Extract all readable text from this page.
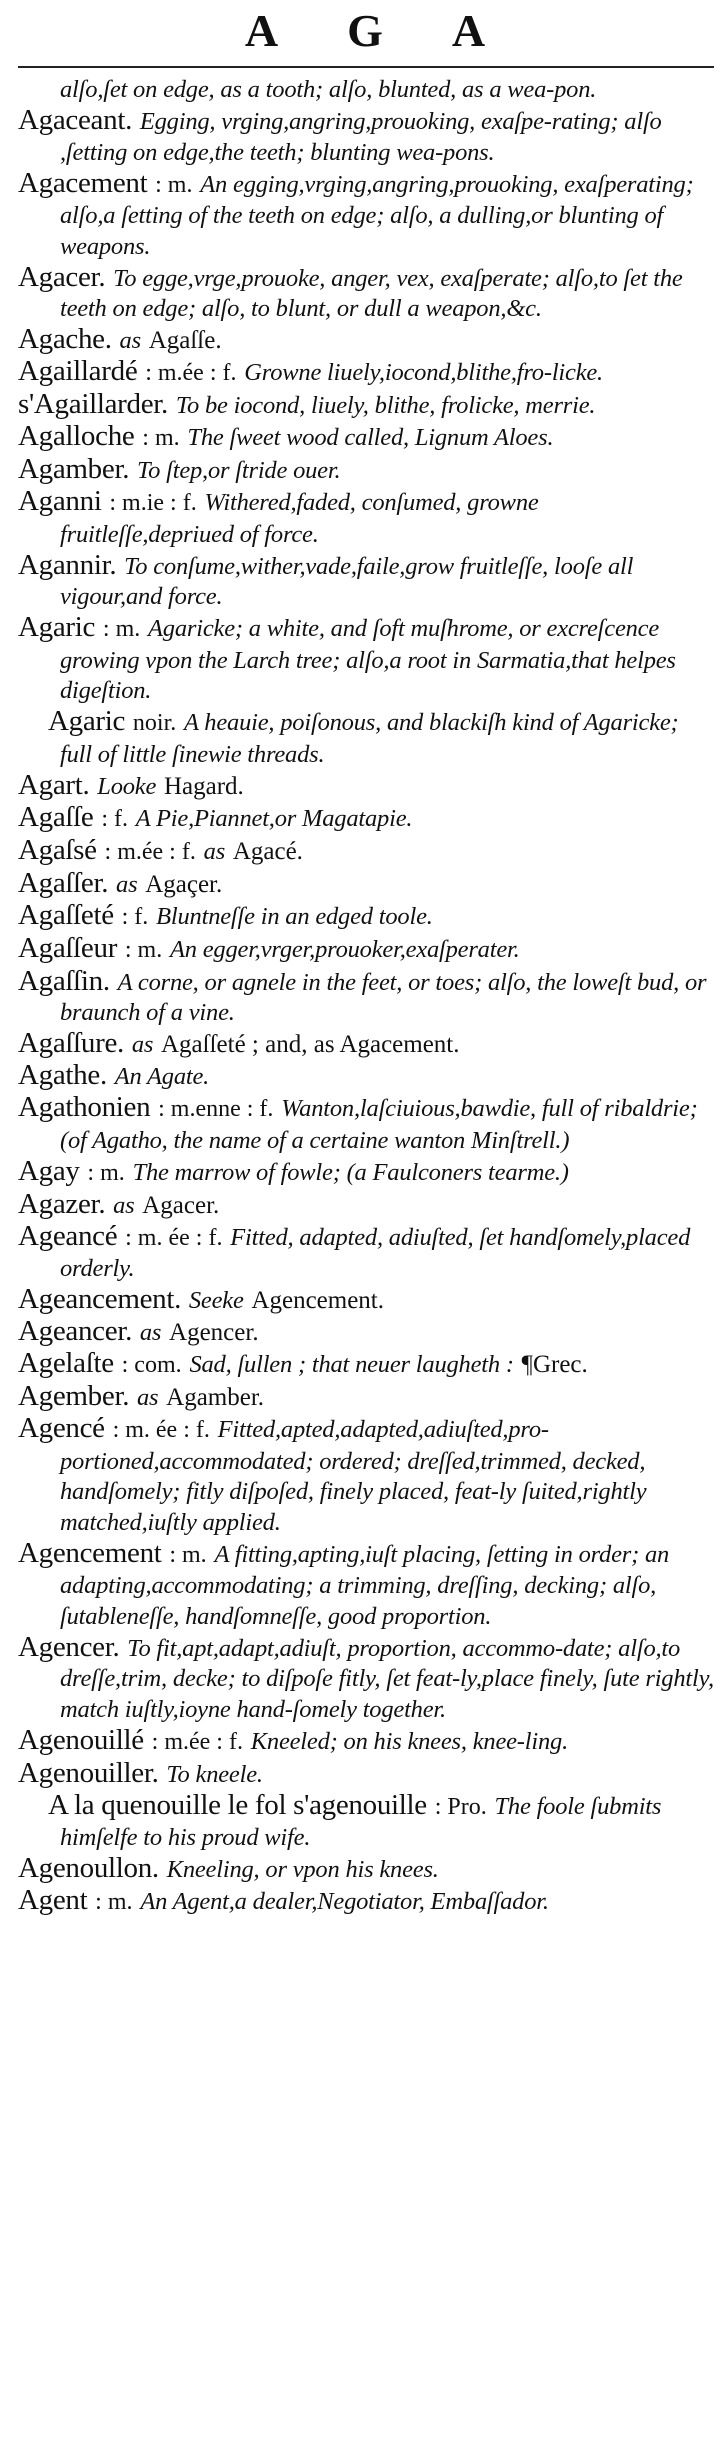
A G A

alſo,ſet on edge, as a tooth; alſo, blunted, as a wea-pon.

Agaceant. Egging, vrging,angring,prouoking, exaſpe-rating; alſo ,ſetting on edge,the teeth; blunting wea-pons.

Agacement : m. An egging,vrging,angring,prouoking, exaſperating; alſo,a ſetting of the teeth on edge; alſo, a dulling,or blunting of weapons.

Agacer. To egge,vrge,prouoke, anger, vex, exaſperate; alſo,to ſet the teeth on edge; alſo, to blunt, or dull a weapon,&c.

Agache. as Agaſſe.

Agaillardé : m.ée : f. Growne liuely,iocond,blithe,fro-licke.

s'Agaillarder. To be iocond, liuely, blithe, frolicke, merrie.

Agalloche : m. The ſweet wood called, Lignum Aloes.

Agamber. To ſtep,or ſtride ouer.

Aganni : m.ie : f. Withered,faded, conſumed, growne fruitleſſe,depriued of force.

Agannir. To conſume,wither,vade,faile,grow fruitleſſe, looſe all vigour,and force.

Agaric : m. Agaricke; a white, and ſoft muſhrome, or excreſcence growing vpon the Larch tree; alſo,a root in Sarmatia,that helpes digeſtion.

Agaric noir. A heauie, poiſonous, and blackiſh kind of Agaricke; full of little ſinewie threads.

Agart. Looke Hagard.

Agaſſe : f. A Pie,Piannet,or Magatapie.

Agaſsé : m.ée : f. as Agacé.

Agaſſer. as Agaçer.

Agaſſeté : f. Bluntneſſe in an edged toole.

Agaſſeur : m. An egger,vrger,prouoker,exaſperater.

Agaſſin. A corne, or agnele in the feet, or toes; alſo, the loweſt bud, or braunch of a vine.

Agaſſure. as Agaſſeté ; and, as Agacement.

Agathe. An Agate.

Agathonien : m.enne : f. Wanton,laſciuious,bawdie, full of ribaldrie; (of Agatho, the name of a certaine wanton Minſtrell.)

Agay : m. The marrow of fowle; (a Faulconers tearme.)

Agazer. as Agacer.

Ageancé : m. ée : f. Fitted, adapted, adiuſted, ſet handſomely,placed orderly.

Ageancement. Seeke Agencement.

Ageancer. as Agencer.

Agelaſte : com. Sad, ſullen ; that neuer laugheth : ¶Grec.

Agember. as Agamber.

Agencé : m. ée : f. Fitted,apted,adapted,adiuſted,pro-portioned,accommodated; ordered; dreſſed,trimmed, decked, handſomely; fitly diſpoſed, finely placed, feat-ly ſuited,rightly matched,iuſtly applied.

Agencement : m. A fitting,apting,iuſt placing, ſetting in order; an adapting,accommodating; a trimming, dreſſing, decking; alſo, ſutableneſſe, handſomneſſe, good proportion.

Agencer. To fit,apt,adapt,adiuſt, proportion, accommo-date; alſo,to dreſſe,trim, decke; to diſpoſe fitly, ſet feat-ly,place finely, ſute rightly, match iuſtly,ioyne hand-ſomely together.

Agenouillé : m.ée : f. Kneeled; on his knees, knee-ling.

Agenouiller. To kneele.

A la quenouille le fol s'agenouille : Pro. The foole ſubmits himſelfe to his proud wife.

Agenoullon. Kneeling, or vpon his knees.

Agent : m. An Agent,a dealer,Negotiator, Embaſſador.
